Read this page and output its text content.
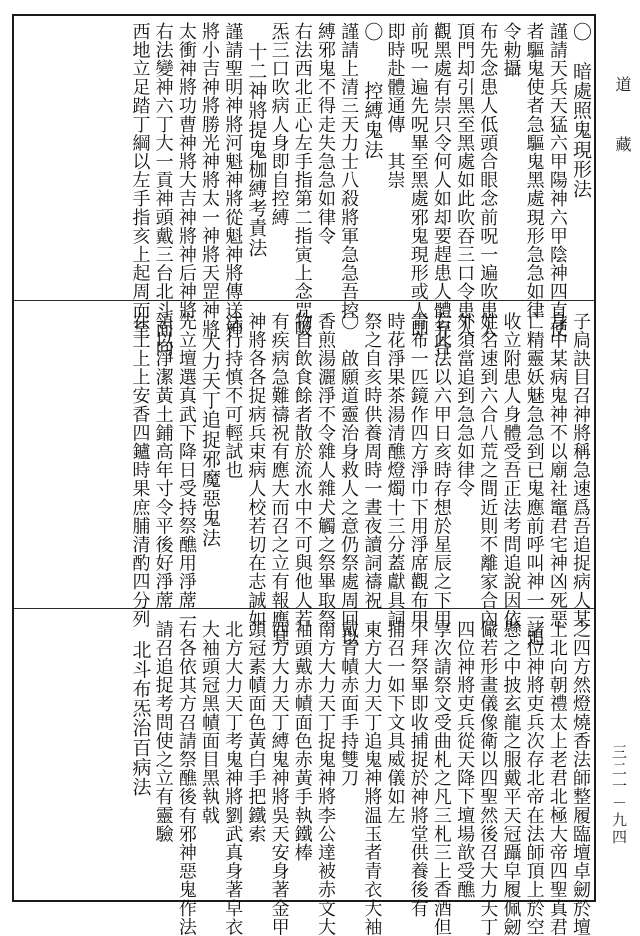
〇　暗處照鬼現形法
謹請天兵天猛六甲陽神六甲陰神四直使
者驅鬼使者急驅鬼黑處現形急急如律
令勅攝
布先念患人低頭合眼念前呪一遍吹患人
頂門却引黑至黑處如此吹吞三口令患人
觀黑處有崇只令何人如却要趕患人體弃合
前呪一遍先呪畢至黑處邪鬼現形或人即
即時赴體通傳　其崇
〇　　控縛鬼法
謹請上清三天力士八殺將軍急急吾控
縛邪鬼不得走失急急如律令
右法西北正心左手指第二指寅上念咒吸
炁三口吹病人身即自控縛
　十二神將提鬼枷縛考責法
謹請聖明神將河魁神將從魁神將傳送神
將小吉神將勝光神將太一神將天罡神將
太衝神將功曹神將大吉神將神后神將
右法變神六丁大一貢神頭戴三台北斗面向
西地立足踏丁綱以左手指亥上起周而至
子扃訣目召神將稱急速爲吾追捉病人某
身中某病鬼神不以廟社竈君宅神凶死惡
亡精靈妖魅急急到已鬼應前呼叫神一一追
收立附患人身體受吾正法考問追說因依
姓名速到六合八荒之間近則不離家合內
外須當追到急急如律令
右此法以六甲日亥時存想於星辰之下用
青布一匹鏡作四方淨巾下用淨席觀布用
時花淨果茶湯清醮燈燭十三分蓋獻具詞
祭之自亥時供養周時一晝夜讀詞禱祝
〇　啟願道靈治身救人之意仍祭處周回以
香煎湯灑淨不令雜人雜犬觸之祭畢取祭
物自飲食餘者散於流水中不可與他人若
有疾病急難禱祝有應大而召之立有報應其
神將各各捉病兵束病人校若切在志誠如
法行持慎不可輕試也
　大力天丁追捉邪魔惡鬼法
先立壇選真武下降日受持祭醮用淨蓆一
領以淨潔黃土鋪高年寸令平後好淨蓆
在土上上安香四鑪時果庶脯清酌四分列
之四方然燈燒香法師整履臨壇卓劒於壇
上北向朝禮太上老君北極大帝四聖真君
諸位神將吏兵次存北帝在法師頂上於空
懸之中披玄龍之服戴平天冠躡皁履佩劒
儼若形畫儀像衛以四聖然後召大力天丁
四位神將吏兵從天降下壇場歆受醮
享次請祭文受曲札之凡三札三上香酒但
不拜祭畢即收捕捉於神將堂供養後有
捕召一如下文具威儀如左
東方大力天丁追鬼神將温玉者青衣大袖
戴青幘赤面手持雙刀
南方大力天丁捉鬼神將李公達被赤文大
袖頭戴赤幘面色赤黃手執鐵棒
西方大力天丁縛鬼神將吳天安身著金甲
頭冠素幘面色黃白手把鐵索
北方大力天丁考鬼神將劉武真身著皁衣
大袖頭冠黑幘面目黑執戟
右各依其方召請祭醮後有邪神惡鬼作法
請召追捉考問使之立有靈驗
　北斗布炁治百病法
道　藏
三二一－九四
